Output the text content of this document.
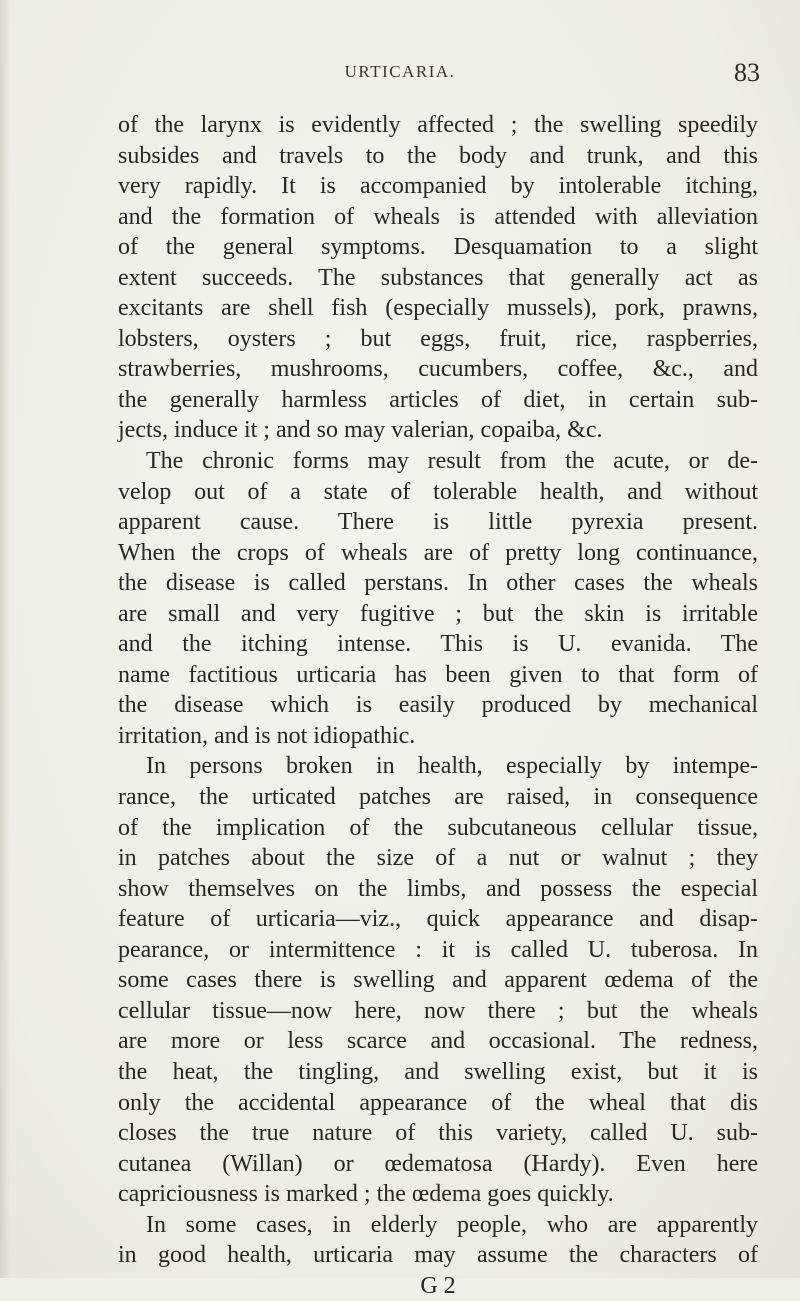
URTICARIA.	83
of the larynx is evidently affected ; the swelling speedily
subsides and travels to the body and trunk, and this
very rapidly. It is accompanied by intolerable itching,
and the formation of wheals is attended with alleviation
of the general symptoms. Desquamation to a slight
extent succeeds. The substances that generally act as
excitants are shell fish (especially mussels), pork, prawns,
lobsters, oysters ; but eggs, fruit, rice, raspberries,
strawberries, mushrooms, cucumbers, coffee, &c., and
the generally harmless articles of diet, in certain sub-
jects, induce it ; and so may valerian, copaiba, &c.
The chronic forms may result from the acute, or de-
velop out of a state of tolerable health, and without
apparent cause. There is little pyrexia present.
When the crops of wheals are of pretty long continuance,
the disease is called perstans. In other cases the wheals
are small and very fugitive ; but the skin is irritable
and the itching intense. This is U. evanida. The
name factitious urticaria has been given to that form of
the disease which is easily produced by mechanical
irritation, and is not idiopathic.
In persons broken in health, especially by intempe-
rance, the urticated patches are raised, in consequence
of the implication of the subcutaneous cellular tissue,
in patches about the size of a nut or walnut ; they
show themselves on the limbs, and possess the especial
feature of urticaria—viz., quick appearance and disap-
pearance, or intermittence : it is called U. tuberosa. In
some cases there is swelling and apparent œdema of the
cellular tissue—now here, now there ; but the wheals
are more or less scarce and occasional. The redness,
the heat, the tingling, and swelling exist, but it is
only the accidental appearance of the wheal that dis
closes the true nature of this variety, called U. sub-
cutanea (Willan) or œdematosa (Hardy). Even here
capriciousness is marked ; the œdema goes quickly.
In some cases, in elderly people, who are apparently
in good health, urticaria may assume the characters of
G 2
